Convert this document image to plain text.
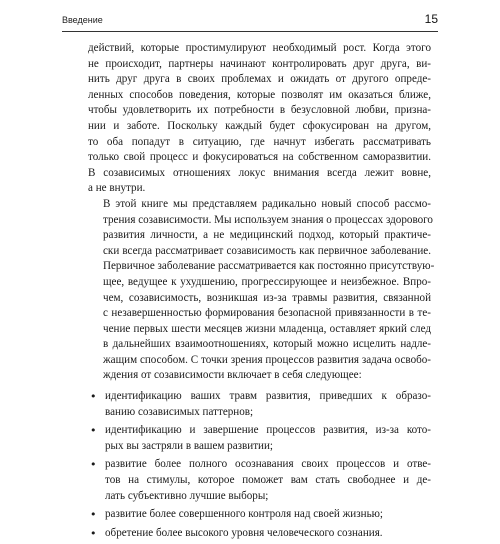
Введение	15

действий, которые простимулируют необходимый рост. Когда этого
не происходит, партнеры начинают контролировать друг друга, ви-
нить друг друга в своих проблемах и ожидать от другого опреде-
ленных способов поведения, которые позволят им оказаться ближе,
чтобы удовлетворить их потребности в безусловной любви, призна-
нии и заботе. Поскольку каждый будет сфокусирован на другом,
то оба попадут в ситуацию, где начнут избегать рассматривать
только свой процесс и фокусироваться на собственном саморазвитии.
В созависимых отношениях локус внимания всегда лежит вовне,
а не внутри.

В этой книге мы представляем радикально новый способ рассмо-
трения созависимости. Мы используем знания о процессах здорового
развития личности, а не медицинский подход, который практиче-
ски всегда рассматривает созависимость как первичное заболевание.
Первичное заболевание рассматривается как постоянно присутствую-
щее, ведущее к ухудшению, прогрессирующее и неизбежное. Впро-
чем, созависимость, возникшая из-за травмы развития, связанной
с незавершенностью формирования безопасной привязанности в те-
чение первых шести месяцев жизни младенца, оставляет яркий след
в дальнейших взаимоотношениях, который можно исцелить надле-
жащим способом. С точки зрения процессов развития задача освобо-
ждения от созависимости включает в себя следующее:

• идентификацию ваших травм развития, приведших к образо-
ванию созависимых паттернов;
• идентификацию и завершение процессов развития, из-за кото-
рых вы застряли в вашем развитии;
• развитие более полного осознавания своих процессов и отве-
тов на стимулы, которое поможет вам стать свободнее и де-
лать субъективно лучшие выборы;
• развитие более совершенного контроля над своей жизнью;
• обретение более высокого уровня человеческого сознания.
